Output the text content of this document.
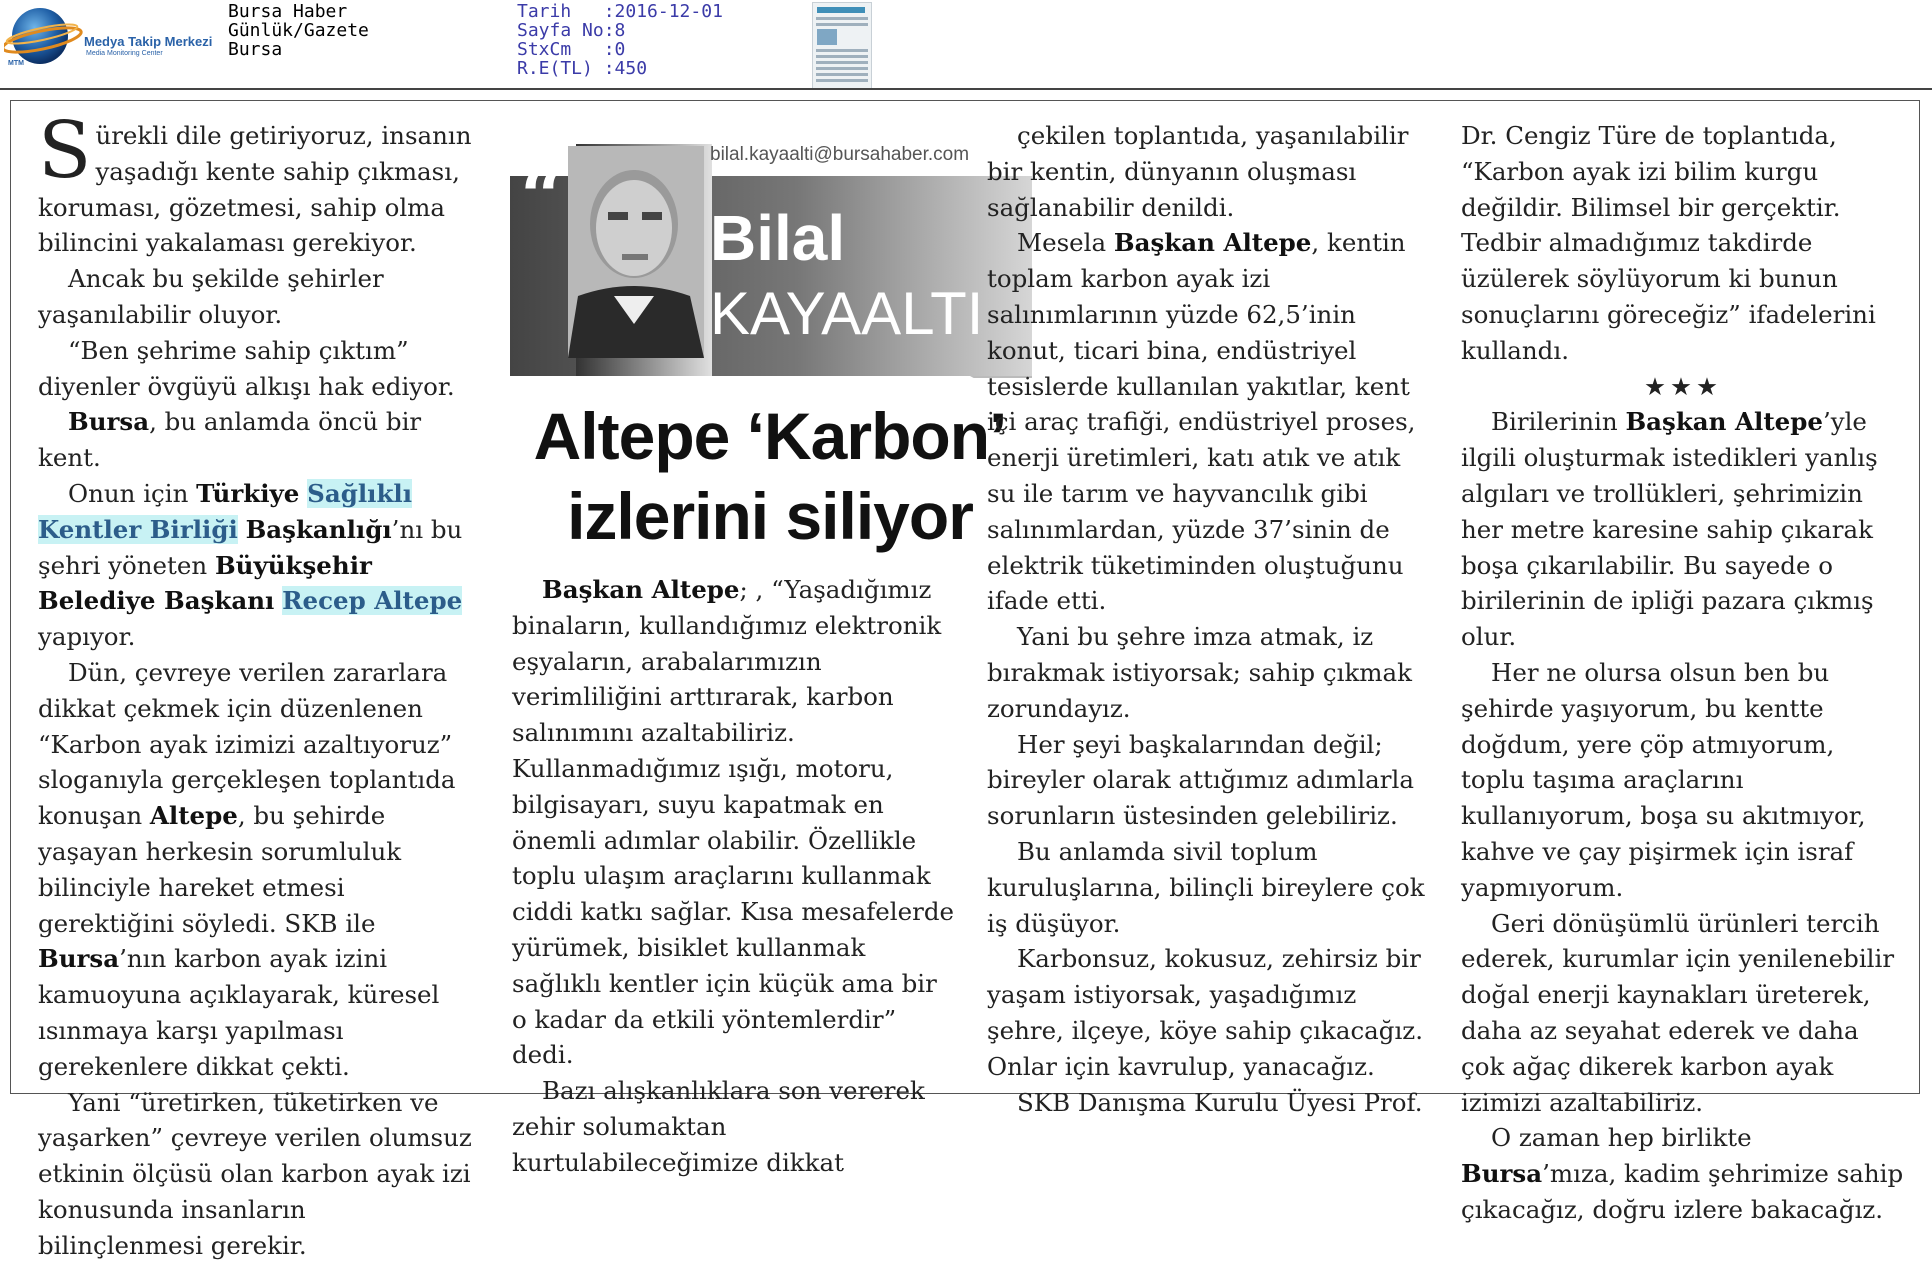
Medya Takip Merkezi
Media Monitoring Center
MTM
Bursa Haber
Günlük/Gazete
Bursa
Tarih   :2016-12-01
Sayfa No:8
StxCm   :0
R.E(TL) :450

Sürekli dile getiriyoruz, insanın yaşadığı kente sahip çıkması, koruması, gözetmesi, sahip olma bilincini yakalaması gerekiyor.

Ancak bu şekilde şehirler yaşanılabilir oluyor.

“Ben şehrime sahip çıktım” diyenler övgüyü alkışı hak ediyor.

Bursa, bu anlamda öncü bir kent.

Onun için Türkiye Sağlıklı Kentler Birliği Başkanlığı’nı bu şehri yöneten Büyükşehir Belediye Başkanı Recep Altepe yapıyor.

Dün, çevreye verilen zararlara dikkat çekmek için düzenlenen “Karbon ayak izimizi azaltıyoruz” sloganıyla gerçekleşen toplantıda konuşan Altepe, bu şehirde yaşayan herkesin sorumluluk bilinciyle hareket etmesi gerektiğini söyledi. SKB ile Bursa’nın karbon ayak izini kamuoyuna açıklayarak, küresel ısınmaya karşı yapılması gerekenlere dikkat çekti.

Yani “üretirken, tüketirken ve yaşarken” çevreye verilen olumsuz etkinin ölçüsü olan karbon ayak izi konusunda insanların bilinçlenmesi gerekir.

bilal.kayaalti@bursahaber.com
“ Bilal
KAYAALTI
Altepe ‘Karbon’
izlerini siliyor

Başkan Altepe; , “Yaşadığımız binaların, kullandığımız elektronik eşyaların, arabalarımızın verimliliğini arttırarak, karbon salınımını azaltabiliriz. Kullanmadığımız ışığı, motoru, bilgisayarı, suyu kapatmak en önemli adımlar olabilir. Özellikle toplu ulaşım araçlarını kullanmak ciddi katkı sağlar. Kısa mesafelerde yürümek, bisiklet kullanmak sağlıklı kentler için küçük ama bir o kadar da etkili yöntemlerdir” dedi.

Bazı alışkanlıklara son vererek zehir solumaktan kurtulabileceğimize dikkat

çekilen toplantıda, yaşanılabilir bir kentin, dünyanın oluşması sağlanabilir denildi.

Mesela Başkan Altepe, kentin toplam karbon ayak izi salınımlarının yüzde 62,5’inin konut, ticari bina, endüstriyel tesislerde kullanılan yakıtlar, kent içi araç trafiği, endüstriyel proses, enerji üretimleri, katı atık ve atık su ile tarım ve hayvancılık gibi salınımlardan, yüzde 37’sinin de elektrik tüketiminden oluştuğunu ifade etti.

Yani bu şehre imza atmak, iz bırakmak istiyorsak; sahip çıkmak zorundayız.

Her şeyi başkalarından değil; bireyler olarak attığımız adımlarla sorunların üstesinden gelebiliriz.

Bu anlamda sivil toplum kuruluşlarına, bilinçli bireylere çok iş düşüyor.

Karbonsuz, kokusuz, zehirsiz bir yaşam istiyorsak, yaşadığımız şehre, ilçeye, köye sahip çıkacağız. Onlar için kavrulup, yanacağız.

SKB Danışma Kurulu Üyesi Prof.

Dr. Cengiz Türe de toplantıda, “Karbon ayak izi bilim kurgu değildir. Bilimsel bir gerçektir. Tedbir almadığımız takdirde üzülerek söylüyorum ki bunun sonuçlarını göreceğiz” ifadelerini kullandı.

★★★

Birilerinin Başkan Altepe’yle ilgili oluşturmak istedikleri yanlış algıları ve trollükleri, şehrimizin her metre karesine sahip çıkarak boşa çıkarılabilir. Bu sayede o birilerinin de ipliği pazara çıkmış olur.

Her ne olursa olsun ben bu şehirde yaşıyorum, bu kentte doğdum, yere çöp atmıyorum, toplu taşıma araçlarını kullanıyorum, boşa su akıtmıyor, kahve ve çay pişirmek için israf yapmıyorum.

Geri dönüşümlü ürünleri tercih ederek, kurumlar için yenilenebilir doğal enerji kaynakları üreterek, daha az seyahat ederek ve daha çok ağaç dikerek karbon ayak izimizi azaltabiliriz.

O zaman hep birlikte Bursa’mıza, kadim şehrimize sahip çıkacağız, doğru izlere bakacağız.
